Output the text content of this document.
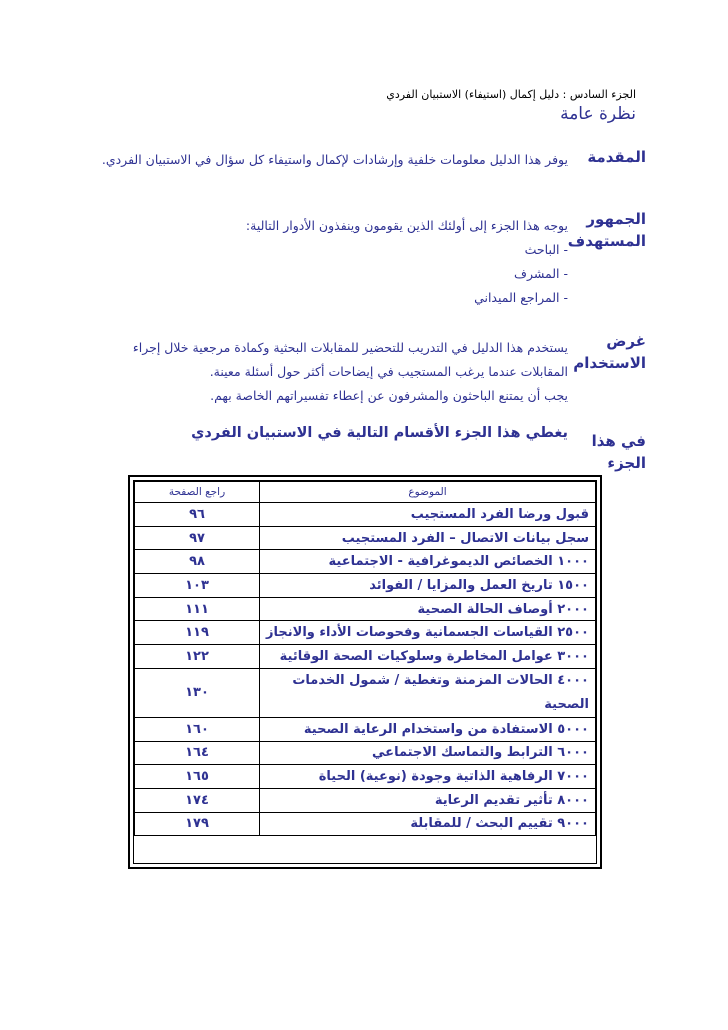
الجزء السادس : دليل إكمال (استيفاء) الاستبيان الفردي
نظرة عامة
المقدمة

يوفر هذا الدليل معلومات خلفية وإرشادات لإكمال واستيفاء كل سؤال في الاستبيان الفردي.

الجمهور
المستهدف

يوجه هذا الجزء إلى أولئك الذين يقومون وينفذون الأدوار التالية:

- الباحث

- المشرف

- المراجع الميداني

غرض
الاستخدام

يستخدم هذا الدليل في التدريب للتحضير للمقابلات البحثية وكمادة مرجعية خلال إجراء

المقابلات عندما يرغب المستجيب في إيضاحات أكثر حول أسئلة معينة.

يجب أن يمتنع الباحثون والمشرفون عن إعطاء تفسيراتهم الخاصة بهم.

في هذا
الجزء
يغطي هذا الجزء الأقسام التالية في الاستبيان الفردي
الموضوع	راجع الصفحة
قبول ورضا الفرد المستجيب	٩٦
سجل بيانات الاتصال – الفرد المستجيب	٩٧
١٠٠٠ الخصائص الديموغرافية - الاجتماعية	٩٨
١٥٠٠ تاريخ العمل والمزايا / الفوائد	١٠٣
٢٠٠٠ أوصاف الحالة الصحية	١١١
٢٥٠٠ القياسات الجسمانية وفحوصات الأداء والانجاز	١١٩
٣٠٠٠ عوامل المخاطرة وسلوكيات الصحة الوقائية	١٢٢
٤٠٠٠ الحالات المزمنة وتغطية / شمول الخدمات الصحية	١٣٠
٥٠٠٠ الاستفادة من واستخدام الرعاية الصحية	١٦٠
٦٠٠٠ الترابط والتماسك الاجتماعي	١٦٤
٧٠٠٠ الرفاهية الذاتية وجودة (نوعية) الحياة	١٦٥
٨٠٠٠ تأثير تقديم الرعاية	١٧٤
٩٠٠٠ تقييم البحث / للمقابلة	١٧٩
